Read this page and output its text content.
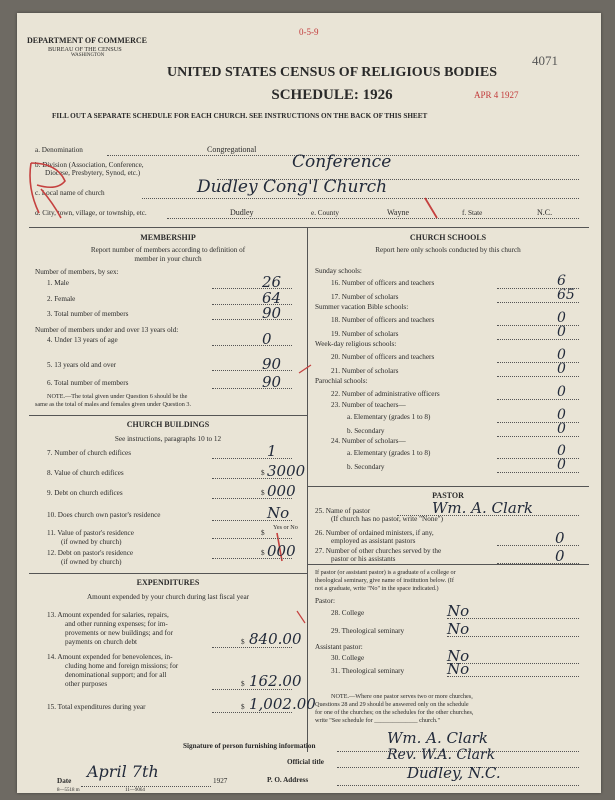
DEPARTMENT OF COMMERCE
BUREAU OF THE CENSUS
WASHINGTON
0-5-9
4071
UNITED STATES CENSUS OF RELIGIOUS BODIES
SCHEDULE: 1926	APR 4 1927
FILL OUT A SEPARATE SCHEDULE FOR EACH CHURCH. SEE INSTRUCTIONS ON THE BACK OF THIS SHEET
a. Denomination	Congregational
b. Division (Association, Conference,
Diocese, Presbytery, Synod, etc.)
Conference
c. Local name of church	Dudley Cong'l Church
d. City, town, village, or township, etc.	Dudley	e. County	Wayne	f. State	N.C.
MEMBERSHIP
Report number of members according to definition of
member in your church
Number of members, by sex:
NOTE.—The total given under Question 6 should be the
same as the total of males and females given under Question 3.
CHURCH BUILDINGS
See instructions, paragraphs 10 to 12
Yes or No
EXPENDITURES
Amount expended by your church during last fiscal year
CHURCH SCHOOLS
Report here only schools conducted by this church
PASTOR
If pastor (or assistant pastor) is a graduate of a college or
theological seminary, give name of institution below. (If
not a graduate, write "No" in the space indicated.)
NOTE.—Where one pastor serves two or more churches,
Questions 28 and 29 should be answered only on the schedule
for one of the churches; on the schedules for the other churches,
write "See schedule for ______________ church."
Signature of person furnishing information	Wm. A. Clark
Official title	Rev. W.A. Clark
P. O. Address	Dudley, N.C.
Date April 7th	1927
8—5518 m	11—9064
1. Male	26
2. Female	64
3. Total number of members	90
Number of members under and over 13 years old:
4. Under 13 years of age	0
5. 13 years old and over	90
6. Total number of members	90
7. Number of church edifices	1
8. Value of church edifices	$ 3000
9. Debt on church edifices	$ 000
10. Does church own pastor's residence	No
11. Value of pastor's residence
(if owned by church)
$
12. Debt on pastor's residence
(if owned by church)
$ 000
13. Amount expended for salaries, repairs,
and other running expenses; for im-
provements or new buildings; and for
payments on church debt	$ 840.00
14. Amount expended for benevolences, in-
cluding home and foreign missions; for
denominational support; and for all
other purposes	$ 162.00
15. Total expenditures during year	$ 1,002.00
Sunday schools:
16. Number of officers and teachers	6
17. Number of scholars	65
Summer vacation Bible schools:
18. Number of officers and teachers	0
19. Number of scholars	0
Week-day religious schools:
20. Number of officers and teachers	0
21. Number of scholars	0
Parochial schools:
22. Number of administrative officers	0
23. Number of teachers—
a. Elementary (grades 1 to 8)	0
b. Secondary	0
24. Number of scholars—
a. Elementary (grades 1 to 8)	0
b. Secondary	0
25. Name of pastor
(If church has no pastor, write "None")
Wm. A. Clark
26. Number of ordained ministers, if any,
employed as assistant pastors	0
27. Number of other churches served by the
pastor or his assistants	0
Pastor:
28. College	No
29. Theological seminary	No
Assistant pastor:
30. College	No
31. Theological seminary	No
